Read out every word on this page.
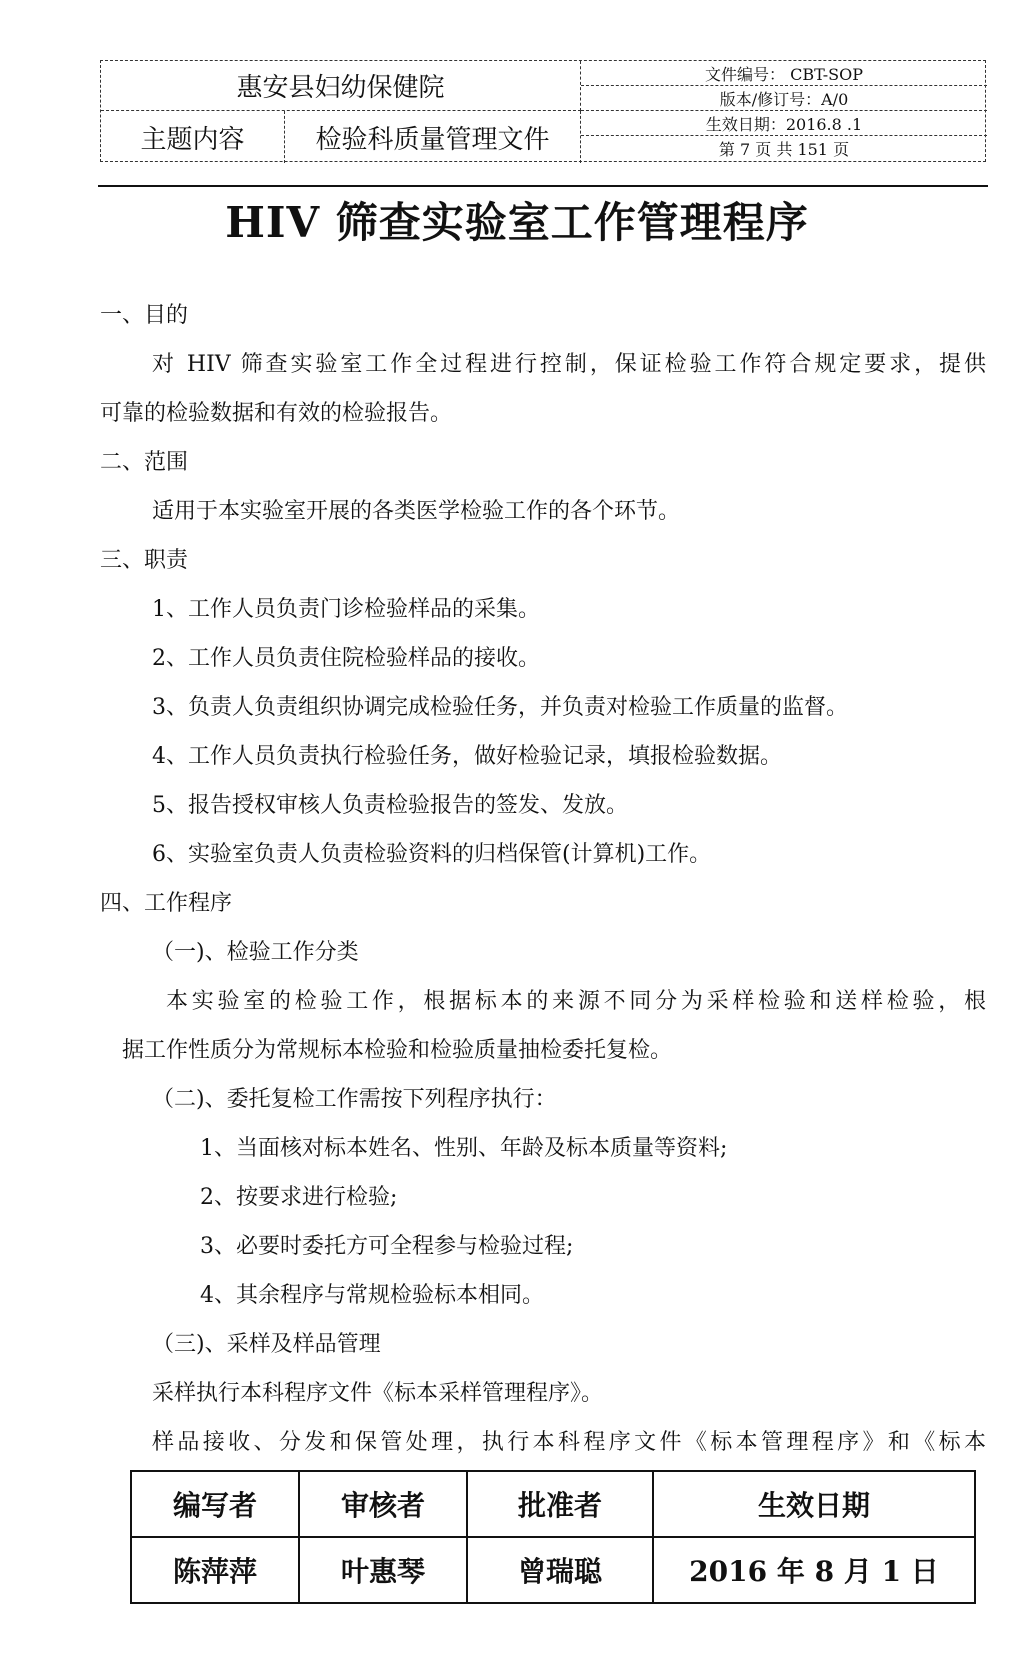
惠安县妇幼保健院
主题内容	检验科质量管理文件
文件编号： CBT-SOP
版本/修订号：A/0
生效日期：2016.8 .1
第 7 页 共 151 页
HIV 筛查实验室工作管理程序
一、目的
对 HIV 筛查实验室工作全过程进行控制，保证检验工作符合规定要求，提供
可靠的检验数据和有效的检验报告。
二、范围
适用于本实验室开展的各类医学检验工作的各个环节。
三、职责
1、工作人员负责门诊检验样品的采集。
2、工作人员负责住院检验样品的接收。
3、负责人负责组织协调完成检验任务，并负责对检验工作质量的监督。
4、工作人员负责执行检验任务，做好检验记录，填报检验数据。
5、报告授权审核人负责检验报告的签发、发放。
6、实验室负责人负责检验资料的归档保管(计算机)工作。
四、工作程序
（一)、检验工作分类
本实验室的检验工作，根据标本的来源不同分为采样检验和送样检验，根
据工作性质分为常规标本检验和检验质量抽检委托复检。
（二)、委托复检工作需按下列程序执行：
1、当面核对标本姓名、性别、年龄及标本质量等资料;
2、按要求进行检验;
3、必要时委托方可全程参与检验过程;
4、其余程序与常规检验标本相同。
（三)、采样及样品管理
采样执行本科程序文件《标本采样管理程序》。
样品接收、分发和保管处理，执行本科程序文件《标本管理程序》和《标本
编写者	审核者	批准者	生效日期
陈萍萍	叶惠琴	曾瑞聪	2016 年 8 月 1 日
